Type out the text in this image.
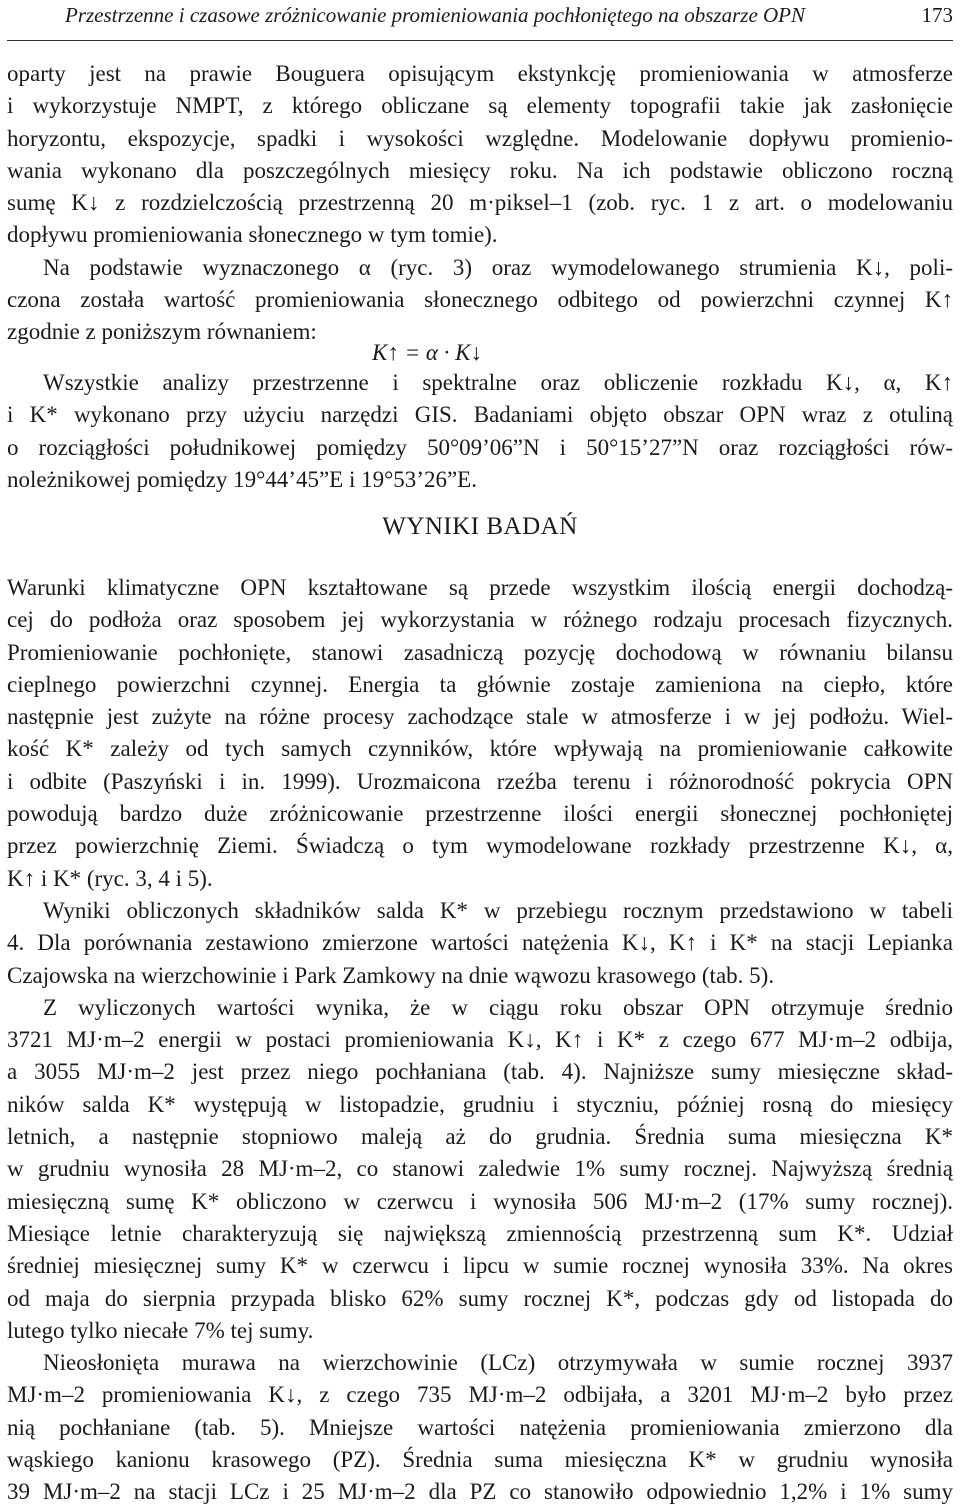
Przestrzenne i czasowe zróżnicowanie promieniowania pochłoniętego na obszarze OPN	173
oparty jest na prawie Bouguera opisującym ekstynkcję promieniowania w atmosferze
i wykorzystuje NMPT, z którego obliczane są elementy topografii takie jak zasłonięcie
horyzontu, ekspozycje, spadki i wysokości względne. Modelowanie dopływu promienio-
wania wykonano dla poszczególnych miesięcy roku. Na ich podstawie obliczono roczną
sumę K↓ z rozdzielczością przestrzenną 20 m·piksel–1 (zob. ryc. 1 z art. o modelowaniu
dopływu promieniowania słonecznego w tym tomie).
Na podstawie wyznaczonego α (ryc. 3) oraz wymodelowanego strumienia K↓, poli-
czona została wartość promieniowania słonecznego odbitego od powierzchni czynnej K↑
zgodnie z poniższym równaniem:
K↑ = α · K↓
Wszystkie analizy przestrzenne i spektralne oraz obliczenie rozkładu K↓, α, K↑
i K* wykonano przy użyciu narzędzi GIS. Badaniami objęto obszar OPN wraz z otuliną
o rozciągłości południkowej pomiędzy 50°09’06”N i 50°15’27”N oraz rozciągłości rów-
noleżnikowej pomiędzy 19°44’45”E i 19°53’26”E.
WYNIKI BADAŃ
Warunki klimatyczne OPN kształtowane są przede wszystkim ilością energii dochodzą-
cej do podłoża oraz sposobem jej wykorzystania w różnego rodzaju procesach fizycznych.
Promieniowanie pochłonięte, stanowi zasadniczą pozycję dochodową w równaniu bilansu
cieplnego powierzchni czynnej. Energia ta głównie zostaje zamieniona na ciepło, które
następnie jest zużyte na różne procesy zachodzące stale w atmosferze i w jej podłożu. Wiel-
kość K* zależy od tych samych czynników, które wpływają na promieniowanie całkowite
i odbite (Paszyński i in. 1999). Urozmaicona rzeźba terenu i różnorodność pokrycia OPN
powodują bardzo duże zróżnicowanie przestrzenne ilości energii słonecznej pochłoniętej
przez powierzchnię Ziemi. Świadczą o tym wymodelowane rozkłady przestrzenne K↓, α,
K↑ i K* (ryc. 3, 4 i 5).
Wyniki obliczonych składników salda K* w przebiegu rocznym przedstawiono w tabeli
4. Dla porównania zestawiono zmierzone wartości natężenia K↓, K↑ i K* na stacji Lepianka
Czajowska na wierzchowinie i Park Zamkowy na dnie wąwozu krasowego (tab. 5).
Z wyliczonych wartości wynika, że w ciągu roku obszar OPN otrzymuje średnio
3721 MJ·m–2 energii w postaci promieniowania K↓, K↑ i K* z czego 677 MJ·m–2 odbija,
a 3055 MJ·m–2 jest przez niego pochłaniana (tab. 4). Najniższe sumy miesięczne skład-
ników salda K* występują w listopadzie, grudniu i styczniu, później rosną do miesięcy
letnich, a następnie stopniowo maleją aż do grudnia. Średnia suma miesięczna K*
w grudniu wynosiła 28 MJ·m–2, co stanowi zaledwie 1% sumy rocznej. Najwyższą średnią
miesięczną sumę K* obliczono w czerwcu i wynosiła 506 MJ·m–2 (17% sumy rocznej).
Miesiące letnie charakteryzują się największą zmiennością przestrzenną sum K*. Udział
średniej miesięcznej sumy K* w czerwcu i lipcu w sumie rocznej wynosiła 33%. Na okres
od maja do sierpnia przypada blisko 62% sumy rocznej K*, podczas gdy od listopada do
lutego tylko niecałe 7% tej sumy.
Nieosłonięta murawa na wierzchowinie (LCz) otrzymywała w sumie rocznej 3937
MJ·m–2 promieniowania K↓, z czego 735 MJ·m–2 odbijała, a 3201 MJ·m–2 było przez
nią pochłaniane (tab. 5). Mniejsze wartości natężenia promieniowania zmierzono dla
wąskiego kanionu krasowego (PZ). Średnia suma miesięczna K* w grudniu wynosiła
39 MJ·m–2 na stacji LCz i 25 MJ·m–2 dla PZ co stanowiło odpowiednio 1,2% i 1% sumy
